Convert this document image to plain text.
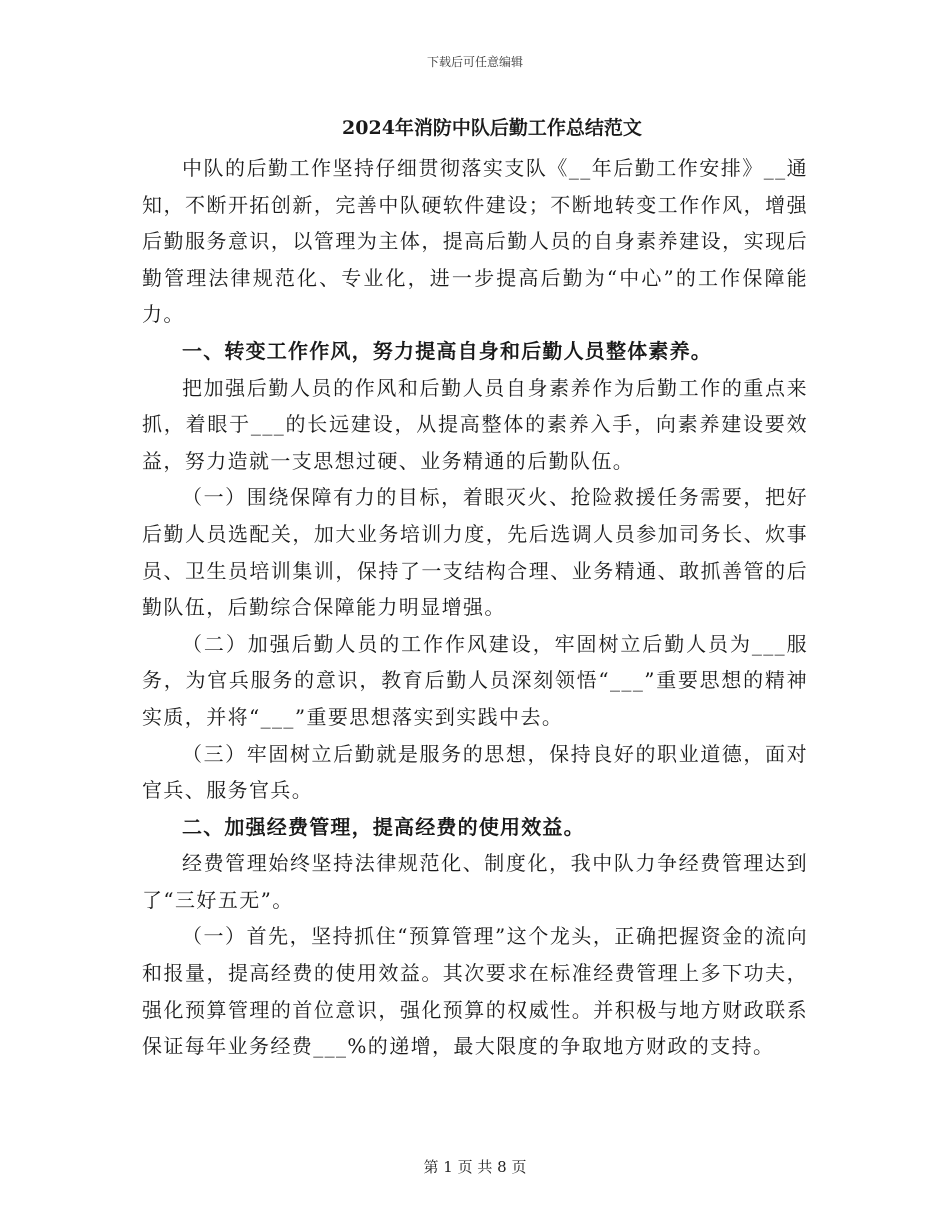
下载后可任意编辑
2024年消防中队后勤工作总结范文

中队的后勤工作坚持仔细贯彻落实支队《__年后勤工作安排》__通知，不断开拓创新，完善中队硬软件建设；不断地转变工作作风，增强后勤服务意识，以管理为主体，提高后勤人员的自身素养建设，实现后勤管理法律规范化、专业化，进一步提高后勤为“中心”的工作保障能力。

一、转变工作作风，努力提高自身和后勤人员整体素养。

把加强后勤人员的作风和后勤人员自身素养作为后勤工作的重点来抓，着眼于___的长远建设，从提高整体的素养入手，向素养建设要效益，努力造就一支思想过硬、业务精通的后勤队伍。

（一）围绕保障有力的目标，着眼灭火、抢险救援任务需要，把好后勤人员选配关，加大业务培训力度，先后选调人员参加司务长、炊事员、卫生员培训集训，保持了一支结构合理、业务精通、敢抓善管的后勤队伍，后勤综合保障能力明显增强。

（二）加强后勤人员的工作作风建设，牢固树立后勤人员为___服务，为官兵服务的意识，教育后勤人员深刻领悟“___”重要思想的精神实质，并将“___”重要思想落实到实践中去。

（三）牢固树立后勤就是服务的思想，保持良好的职业道德，面对官兵、服务官兵。

二、加强经费管理，提高经费的使用效益。

经费管理始终坚持法律规范化、制度化，我中队力争经费管理达到了“三好五无”。

（一）首先，坚持抓住“预算管理”这个龙头，正确把握资金的流向和报量，提高经费的使用效益。其次要求在标准经费管理上多下功夫，强化预算管理的首位意识，强化预算的权威性。并积极与地方财政联系保证每年业务经费___%的递增，最大限度的争取地方财政的支持。

第 1 页 共 8 页
